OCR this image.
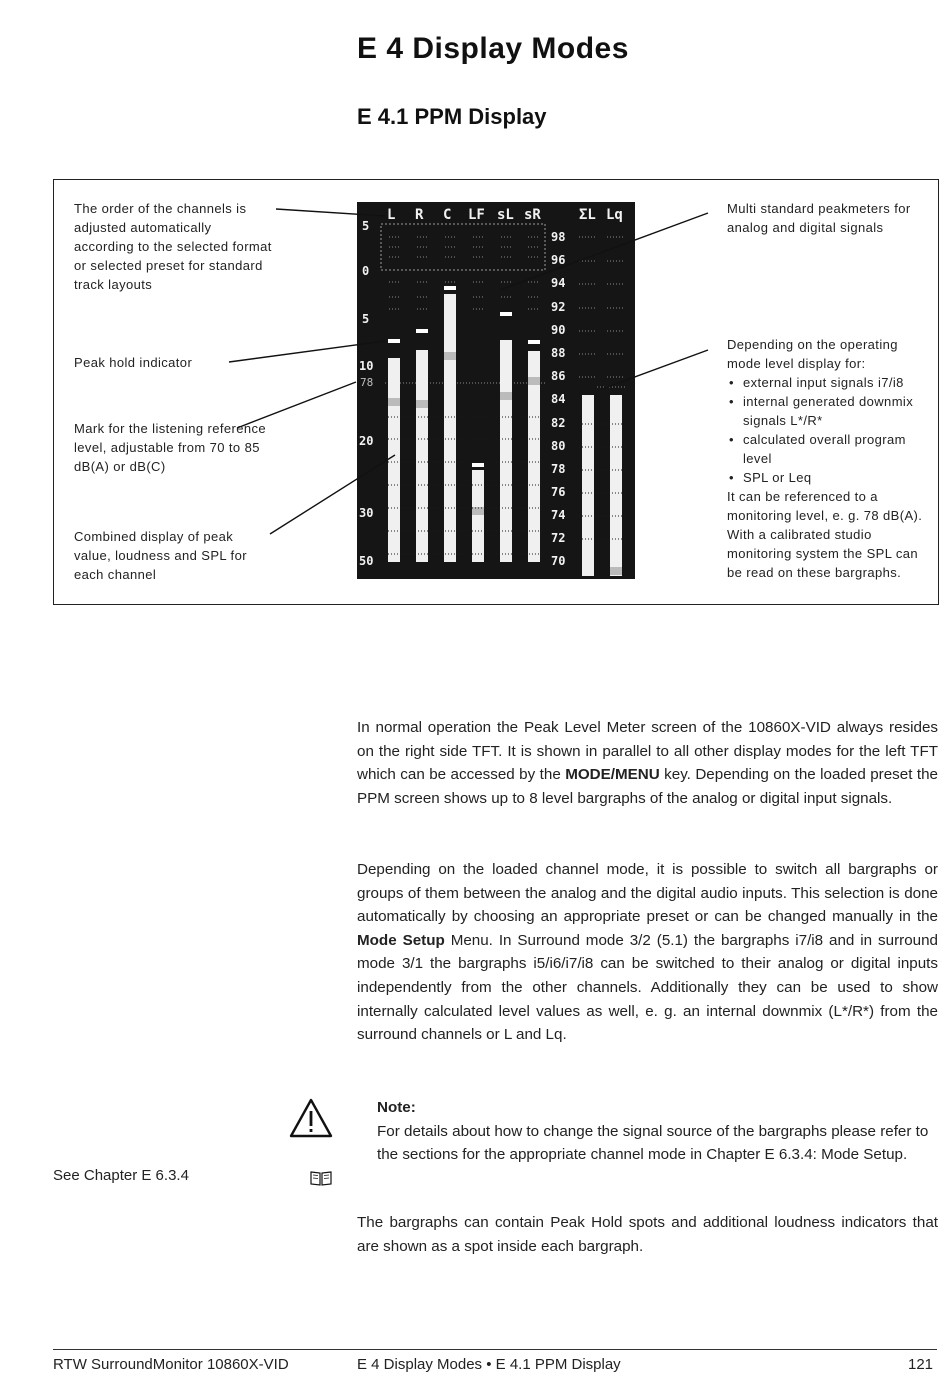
E 4 Display Modes
E 4.1 PPM Display
The order of the channels is adjusted automatically according to the selected format or selected preset for standard track layouts
Peak hold indicator
Mark for the listening reference level, adjustable from 70 to 85 dB(A) or dB(C)
Combined display of peak value, loudness and SPL for each channel
Multi standard peakmeters for analog and digital signals
Depending on the operating mode level display for:
• external input signals i7/i8
• internal generated downmix signals L*/R*
• calculated overall program level
• SPL or Leq
It can be referenced to a monitoring level, e. g. 78 dB(A). With a calibrated studio monitoring system the SPL can be read on these bargraphs.
L R C LF sL sR	ΣL Lq
5
0
5
10
20
30
50
78
98
96
94
92
90
88
86
84
82
80
78
76
74
72
70

In normal operation the Peak Level Meter screen of the 10860X-VID always resides on the right side TFT. It is shown in parallel to all other display modes for the left TFT which can be accessed by the MODE/MENU key. Depending on the loaded preset the PPM screen shows up to 8 level bargraphs of the analog or digital input signals.

Depending on the loaded channel mode, it is possible to switch all bargraphs or groups of them between the analog and the digital audio inputs. This selection is done automatically by choosing an appropriate preset or can be changed manually in the Mode Setup Menu. In Surround mode 3/2 (5.1) the bargraphs i7/i8 and in surround mode 3/1 the bargraphs i5/i6/i7/i8 can be switched to their analog or digital inputs independently from the other channels. Additionally they can be used to show internally calculated level values as well, e. g. an internal downmix (L*/R*) from the surround channels or L and Lq.

See Chapter E 6.3.4
Note:
For details about how to change the signal source of the bargraphs please refer to the sections for the appropriate channel mode in Chapter E 6.3.4: Mode Setup.

The bargraphs can contain Peak Hold spots and additional loudness indicators that are shown as a spot inside each bargraph.

RTW SurroundMonitor 10860X-VID	E 4 Display Modes • E 4.1 PPM Display	121
